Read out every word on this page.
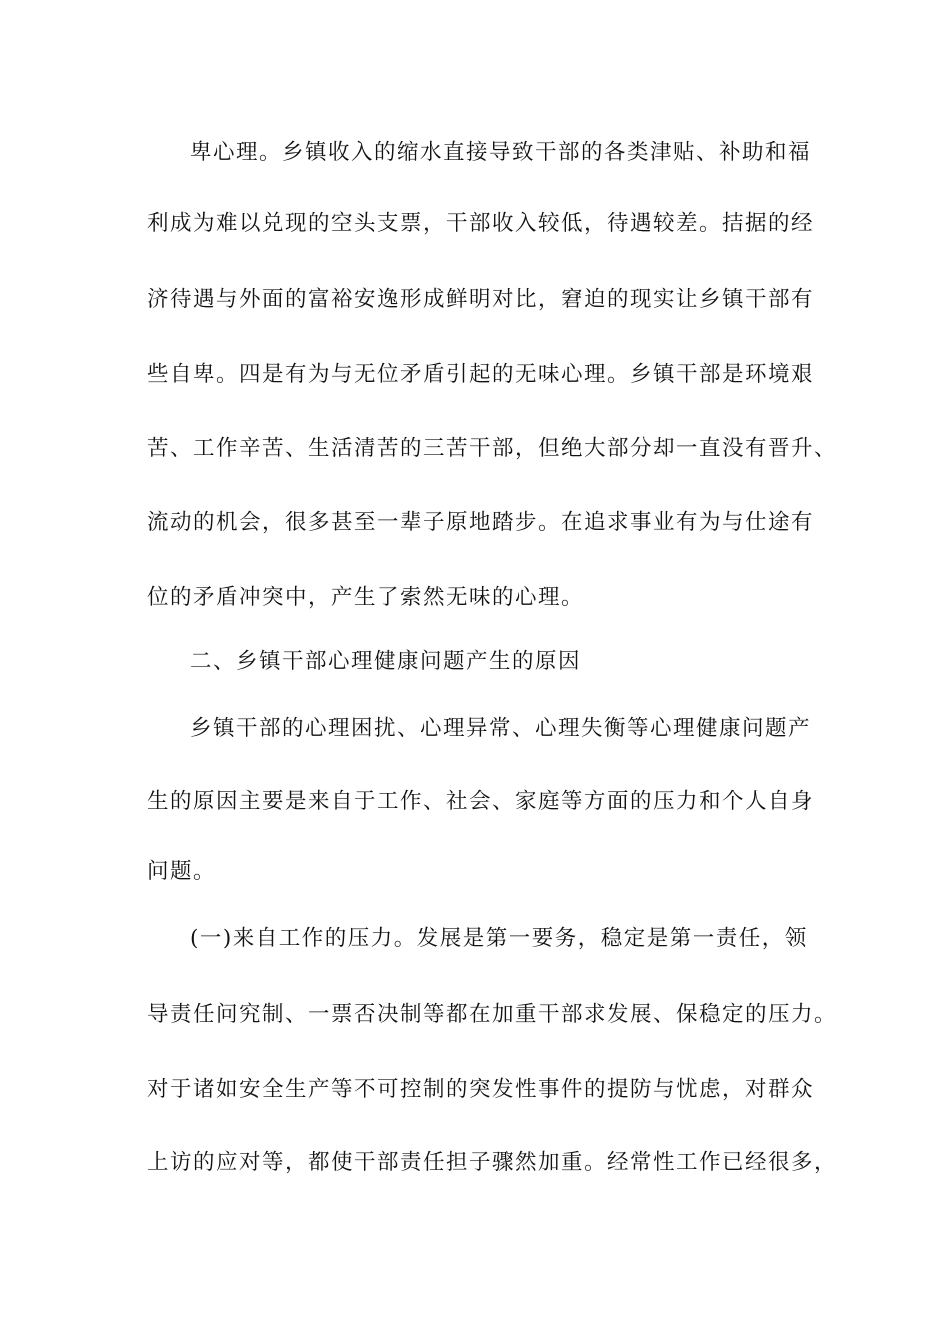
卑心理。乡镇收入的缩水直接导致干部的各类津贴、补助和福
利成为难以兑现的空头支票，干部收入较低，待遇较差。拮据的经
济待遇与外面的富裕安逸形成鲜明对比，窘迫的现实让乡镇干部有
些自卑。四是有为与无位矛盾引起的无味心理。乡镇干部是环境艰
苦、工作辛苦、生活清苦的三苦干部，但绝大部分却一直没有晋升、
流动的机会，很多甚至一辈子原地踏步。在追求事业有为与仕途有
位的矛盾冲突中，产生了索然无味的心理。
二、乡镇干部心理健康问题产生的原因
乡镇干部的心理困扰、心理异常、心理失衡等心理健康问题产
生的原因主要是来自于工作、社会、家庭等方面的压力和个人自身
问题。
(一)来自工作的压力。发展是第一要务，稳定是第一责任，领
导责任问究制、一票否决制等都在加重干部求发展、保稳定的压力。
对于诸如安全生产等不可控制的突发性事件的提防与忧虑，对群众
上访的应对等，都使干部责任担子骤然加重。经常性工作已经很多，
